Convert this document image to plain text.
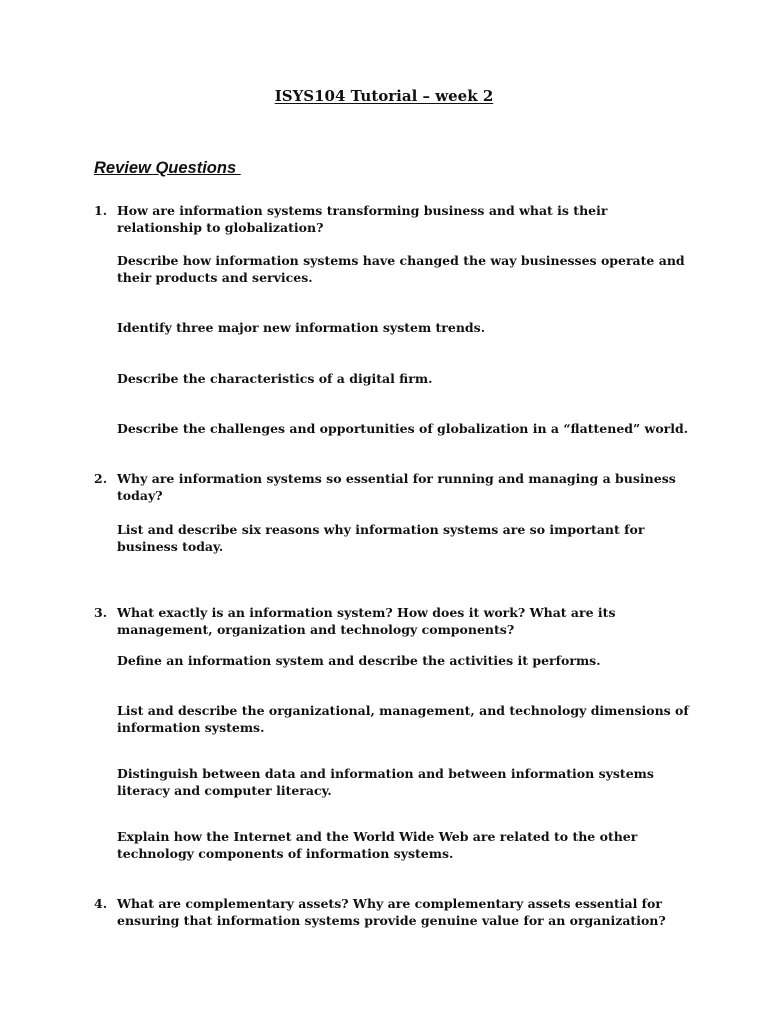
ISYS104 Tutorial – week 2
Review Questions
1. How are information systems transforming business and what is their relationship to globalization?
Describe how information systems have changed the way businesses operate and their products and services.
Identify three major new information system trends.
Describe the characteristics of a digital firm.
Describe the challenges and opportunities of globalization in a “flattened” world.
2. Why are information systems so essential for running and managing a business today?
List and describe six reasons why information systems are so important for business today.
3. What exactly is an information system? How does it work? What are its management, organization and technology components?
Define an information system and describe the activities it performs.
List and describe the organizational, management, and technology dimensions of information systems.
Distinguish between data and information and between information systems literacy and computer literacy.
Explain how the Internet and the World Wide Web are related to the other technology components of information systems.
4. What are complementary assets? Why are complementary assets essential for ensuring that information systems provide genuine value for an organization?
